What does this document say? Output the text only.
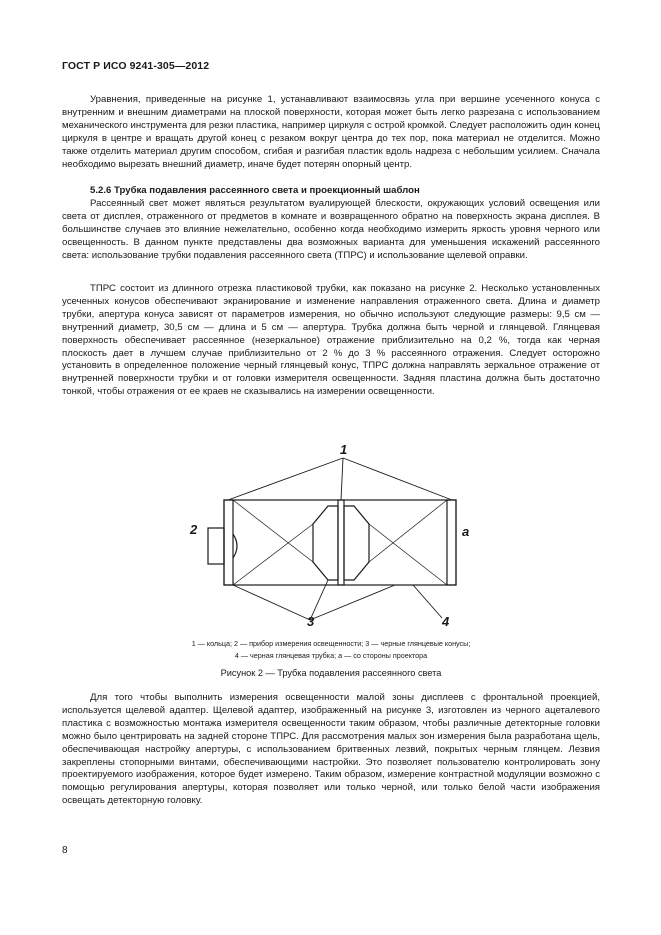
ГОСТ Р ИСО 9241-305—2012

Уравнения, приведенные на рисунке 1, устанавливают взаимосвязь угла при вершине усеченного конуса с внутренним и внешним диаметрами на плоской поверхности, которая может быть легко разрезана с использованием механического инструмента для резки пластика, например циркуля с острой кромкой. Следует расположить один конец циркуля в центре и вращать другой конец с резаком вокруг центра до тех пор, пока материал не отделится. Можно также отделить материал другим способом, сгибая и разгибая пластик вдоль надреза с небольшим усилием. Сначала необходимо вырезать внешний диаметр, иначе будет потерян опорный центр.

5.2.6 Трубка подавления рассеянного света и проекционный шаблон

Рассеянный свет может являться результатом вуалирующей блескости, окружающих условий освещения или света от дисплея, отраженного от предметов в комнате и возвращенного обратно на поверхность экрана дисплея. В большинстве случаев это влияние нежелательно, особенно когда необходимо измерить яркость уровня черного или освещенность. В данном пункте представлены два возможных варианта для уменьшения искажений рассеянного света: использование трубки подавления рассеянного света (ТПРС) и использование щелевой оправки.

ТПРС состоит из длинного отрезка пластиковой трубки, как показано на рисунке 2. Несколько установленных усеченных конусов обеспечивают экранирование и изменение направления отраженного света. Длина и диаметр трубки, апертура конуса зависят от параметров измерения, но обычно используют следующие размеры: 9,5 см — внутренний диаметр, 30,5 см — длина и 5 см — апертура. Трубка должна быть черной и глянцевой. Глянцевая поверхность обеспечивает рассеянное (незеркальное) отражение приблизительно на 0,2 %, тогда как черная плоскость дает в лучшем случае приблизительно от 2 % до 3 % рассеянного отражения. Следует осторожно установить в определенное положение черный глянцевый конус, ТПРС должна направлять зеркальное отражение от внутренней поверхности трубки и от головки измерителя освещенности. Задняя пластина должна быть достаточно тонкой, чтобы отражения от ее краев не сказывались на измерении освещенности.

1
2
3	4
a
1 — кольца; 2 — прибор измерения освещенности; 3 — черные глянцевые конусы;
4 — черная глянцевая трубка; а — со стороны проектора
Рисунок 2 — Трубка подавления рассеянного света

Для того чтобы выполнить измерения освещенности малой зоны дисплеев с фронтальной проекцией, используется щелевой адаптер. Щелевой адаптер, изображенный на рисунке 3, изготовлен из черного ацеталевого пластика с возможностью монтажа измерителя освещенности таким образом, чтобы различные детекторные головки можно было центрировать на задней стороне ТПРС. Для рассмотрения малых зон измерения была разработана щель, обеспечивающая настройку апертуры, с использованием бритвенных лезвий, покрытых черным глянцем. Лезвия закреплены стопорными винтами, обеспечивающими настройки. Это позволяет пользователю контролировать зону проектируемого изображения, которое будет измерено. Таким образом, измерение контрастной модуляции возможно с помощью регулирования апертуры, которая позволяет или только черной, или только белой части изображения освещать детекторную головку.

8
